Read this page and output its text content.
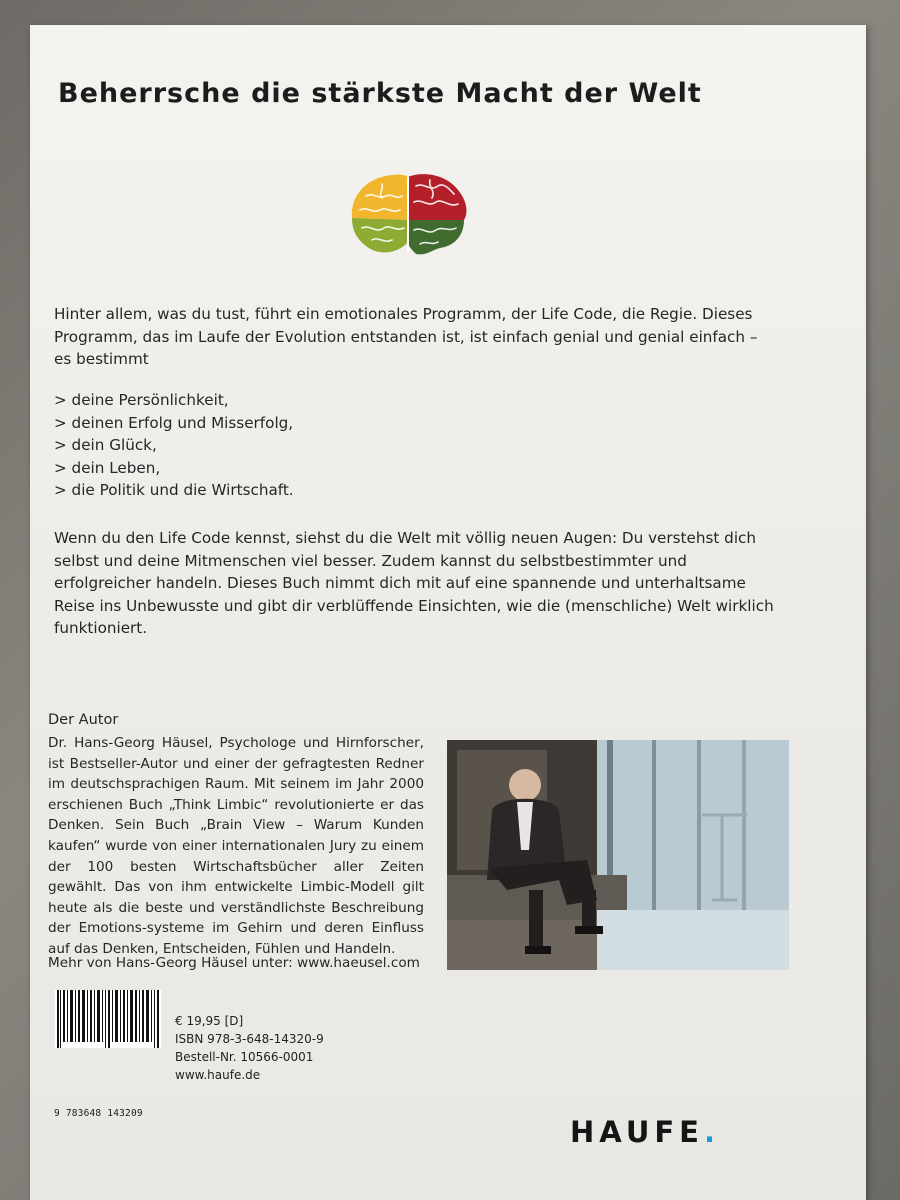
Beherrsche die stärkste Macht der Welt
Hinter allem, was du tust, führt ein emotionales Programm, der Life Code, die Regie. Dieses Programm, das im Laufe der Evolution entstanden ist, ist einfach genial und genial einfach – es bestimmt
> deine Persönlichkeit,
> deinen Erfolg und Misserfolg,
> dein Glück,
> dein Leben,
> die Politik und die Wirtschaft.
Wenn du den Life Code kennst, siehst du die Welt mit völlig neuen Augen: Du verstehst dich selbst und deine Mitmenschen viel besser. Zudem kannst du selbstbestimmter und erfolgreicher handeln. Dieses Buch nimmt dich mit auf eine spannende und unterhaltsame Reise ins Unbewusste und gibt dir verblüffende Einsichten, wie die (menschliche) Welt wirklich funktioniert.
Der Autor
Dr. Hans-Georg Häusel, Psychologe und Hirnforscher, ist Bestseller-Autor und einer der gefragtesten Redner im deutschsprachigen Raum. Mit seinem im Jahr 2000 erschienen Buch „Think Limbic“ revolutionierte er das Denken. Sein Buch „Brain View – Warum Kunden kaufen“ wurde von einer internationalen Jury zu einem der 100 besten Wirtschaftsbücher aller Zeiten gewählt. Das von ihm entwickelte Limbic-Modell gilt heute als die beste und verständlichste Beschreibung der Emotions-systeme im Gehirn und deren Einfluss auf das Denken, Entscheiden, Fühlen und Handeln.
Mehr von Hans-Georg Häusel unter: www.haeusel.com
9 783648 143209
€ 19,95 [D]
ISBN 978-3-648-14320-9
Bestell-Nr. 10566-0001
www.haufe.de
HAUFE.
